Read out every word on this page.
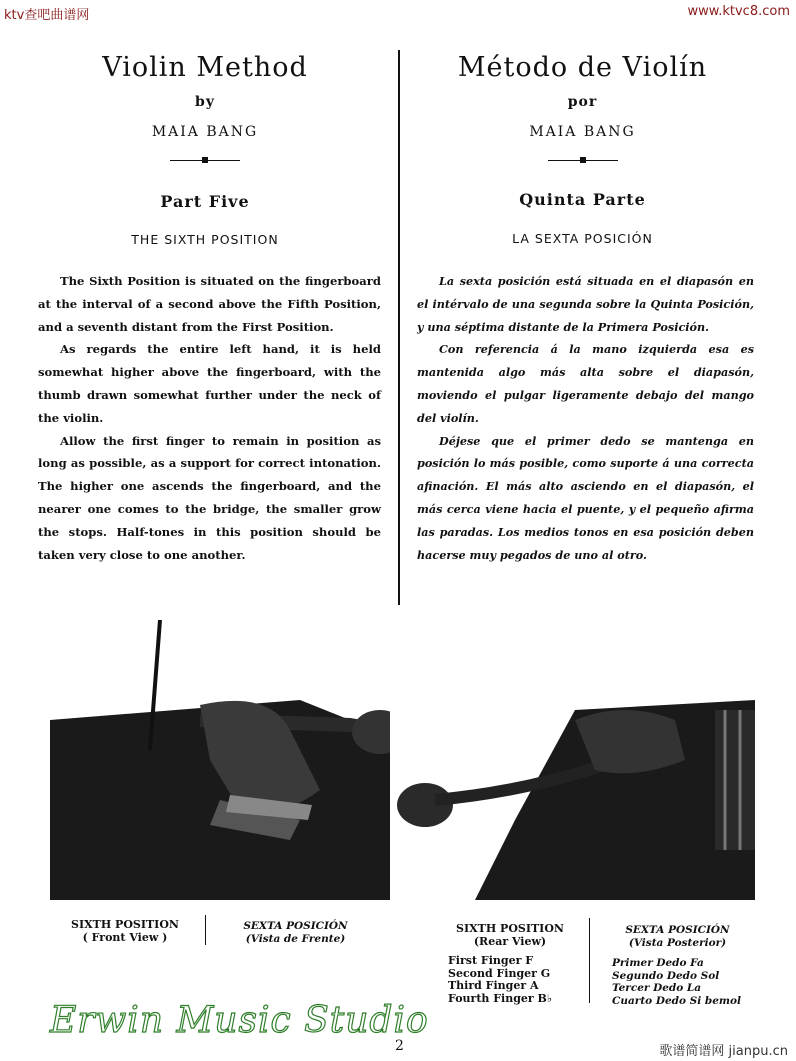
ktv查吧曲谱网	www.ktvc8.com
Violin Method
by
MAIA BANG
Part Five
THE SIXTH POSITION
Método de Violín
por
MAIA BANG
Quinta Parte
LA SEXTA POSICIÓN

The Sixth Position is situated on the fingerboard at the interval of a second above the Fifth Position, and a seventh distant from the First Position.

As regards the entire left hand, it is held somewhat higher above the fingerboard, with the thumb drawn somewhat further under the neck of the violin.

Allow the first finger to remain in position as long as possible, as a support for correct intonation. The higher one ascends the fingerboard, and the nearer one comes to the bridge, the smaller grow the stops. Half-tones in this position should be taken very close to one another.

La sexta posición está situada en el diapasón en el intérvalo de una segunda sobre la Quinta Posición, y una séptima distante de la Primera Posición.

Con referencia á la mano izquierda esa es mantenida algo más alta sobre el diapasón, moviendo el pulgar ligeramente debajo del mango del violín.

Déjese que el primer dedo se mantenga en posición lo más posible, como suporte á una correcta afinación. El más alto asciendo en el diapasón, el más cerca viene hacia el puente, y el pequeño afirma las paradas. Los medios tonos en esa posición deben hacerse muy pegados de uno al otro.

SIXTH POSITION
( Front View )
SEXTA POSICIÓN
(Vista de Frente)
SIXTH POSITION
(Rear View)
SEXTA POSICIÓN
(Vista Posterior)
First Finger F
Second Finger G
Third Finger A
Fourth Finger B♭
Primer Dedo Fa
Segundo Dedo Sol
Tercer Dedo La
Cuarto Dedo Si bemol
Erwin Music Studio
2	歌谱简谱网 jianpu.cn
